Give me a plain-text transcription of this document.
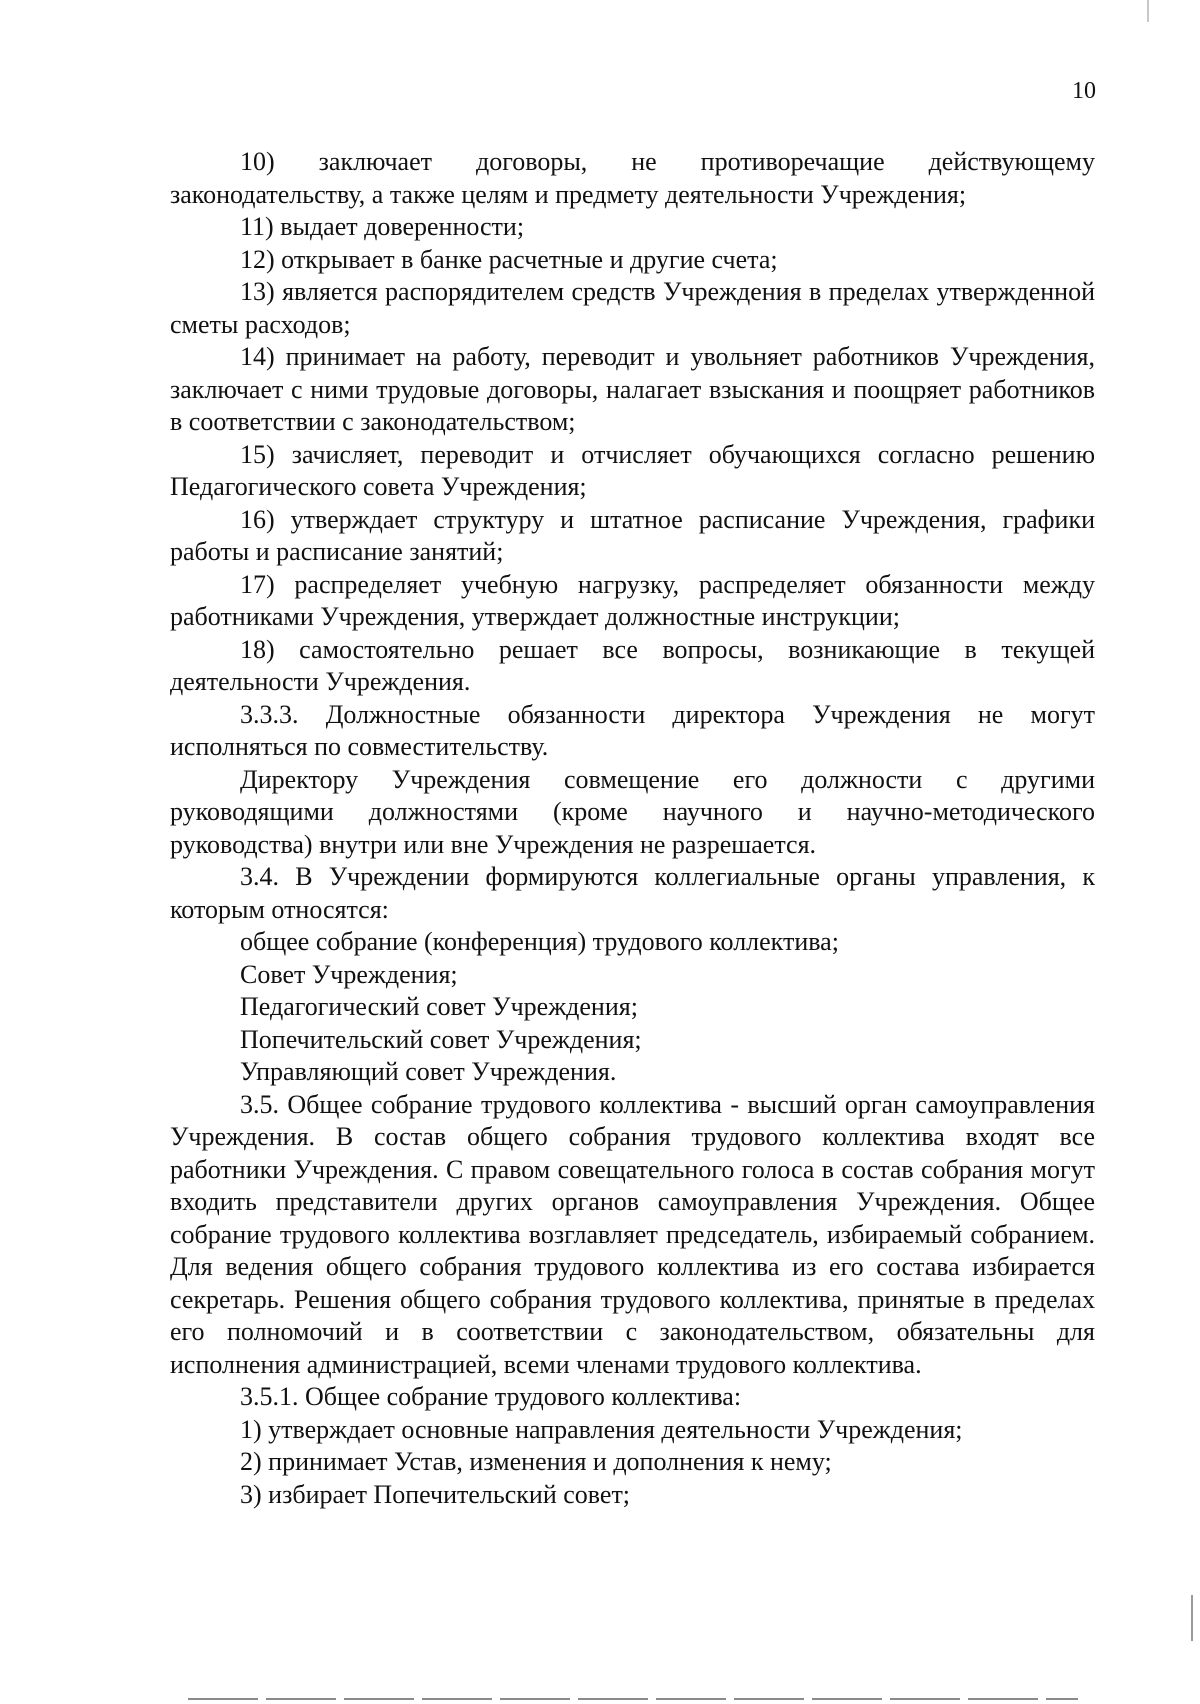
10

10) заключает договоры, не противоречащие действующему законодательству, а также целям и предмету деятельности Учреждения;

11) выдает доверенности;

12) открывает в банке расчетные и другие счета;

13) является распорядителем средств Учреждения в пределах утвержденной сметы расходов;

14) принимает на работу, переводит и увольняет работников Учреждения, заключает с ними трудовые договоры, налагает взыскания и поощряет работников в соответствии с законодательством;

15) зачисляет, переводит и отчисляет обучающихся согласно решению Педагогического совета Учреждения;

16) утверждает структуру и штатное расписание Учреждения, графики работы и расписание занятий;

17) распределяет учебную нагрузку, распределяет обязанности между работниками Учреждения, утверждает должностные инструкции;

18) самостоятельно решает все вопросы, возникающие в текущей деятельности Учреждения.

3.3.3. Должностные обязанности директора Учреждения не могут исполняться по совместительству.

Директору Учреждения совмещение его должности с другими руководящими должностями (кроме научного и научно-методического руководства) внутри или вне Учреждения не разрешается.

3.4. В Учреждении формируются коллегиальные органы управления, к которым относятся:

общее собрание (конференция) трудового коллектива;

Совет Учреждения;

Педагогический совет Учреждения;

Попечительский совет Учреждения;

Управляющий совет Учреждения.

3.5. Общее собрание трудового коллектива - высший орган самоуправления Учреждения. В состав общего собрания трудового коллектива входят все работники Учреждения. С правом совещательного голоса в состав собрания могут входить представители других органов самоуправления Учреждения. Общее собрание трудового коллектива возглавляет председатель, избираемый собранием. Для ведения общего собрания трудового коллектива из его состава избирается секретарь. Решения общего собрания трудового коллектива, принятые в пределах его полномочий и в соответствии с законодательством, обязательны для исполнения администрацией, всеми членами трудового коллектива.

3.5.1. Общее собрание трудового коллектива:

1) утверждает основные направления деятельности Учреждения;

2) принимает Устав, изменения и дополнения к нему;

3) избирает Попечительский совет;
